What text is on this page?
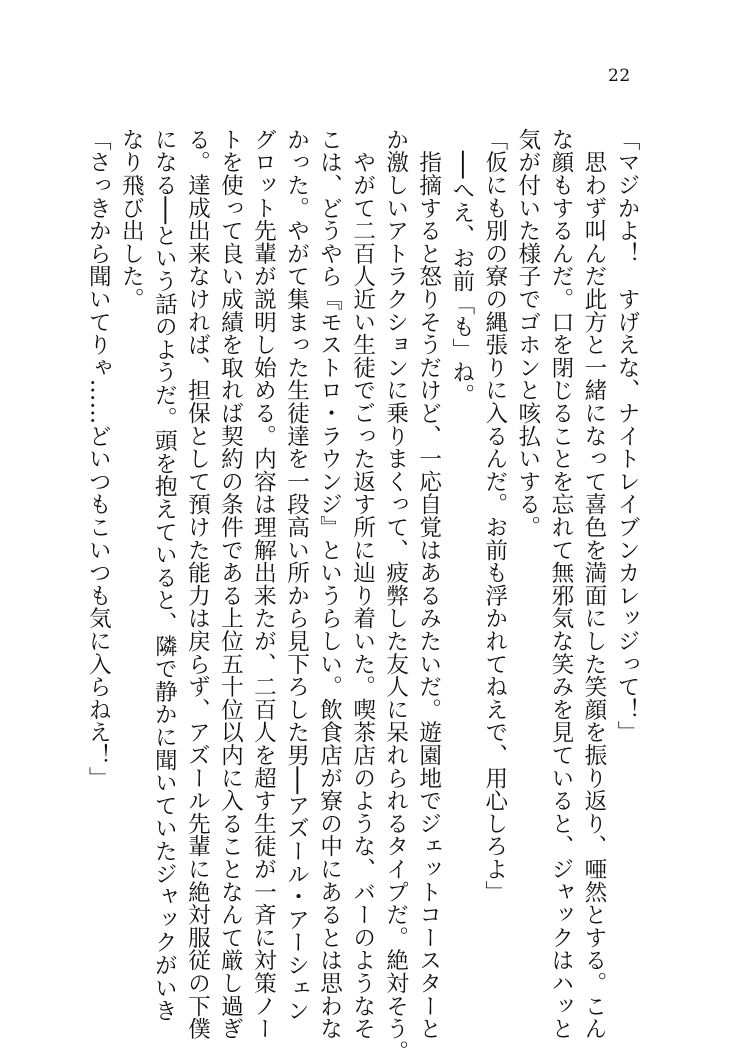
22
「マジかよ！　すげえな、ナイトレイブンカレッジって！」
　思わず叫んだ此方と一緒になって喜色を満面にした笑顔を振り返り、唖然とする。こん
な顔もするんだ。口を閉じることを忘れて無邪気な笑みを見ていると、ジャックはハッと
気が付いた様子でゴホンと咳払いする。
「仮にも別の寮の縄張りに入るんだ。お前も浮かれてねえで、用心しろよ」
　──へえ、お前「も」ね。
　指摘すると怒りそうだけど、一応自覚はあるみたいだ。遊園地でジェットコースターと
か激しいアトラクションに乗りまくって、疲弊した友人に呆れられるタイプだ。絶対そう。
　やがて二百人近い生徒でごった返す所に辿り着いた。喫茶店のような、バーのようなそ
こは、どうやら『モストロ・ラウンジ』というらしい。飲食店が寮の中にあるとは思わな
かった。やがて集まった生徒達を一段高い所から見下ろした男──アズール・アーシェン
グロット先輩が説明し始める。内容は理解出来たが、二百人を超す生徒が一斉に対策ノー
トを使って良い成績を取れば契約の条件である上位五十位以内に入ることなんて厳し過ぎ
る。達成出来なければ、担保として預けた能力は戻らず、アズール先輩に絶対服従の下僕
になる──という話のようだ。頭を抱えていると、隣で静かに聞いていたジャックがいき
なり飛び出した。
「さっきから聞いてりゃ……どいつもこいつも気に入らねえ！」
